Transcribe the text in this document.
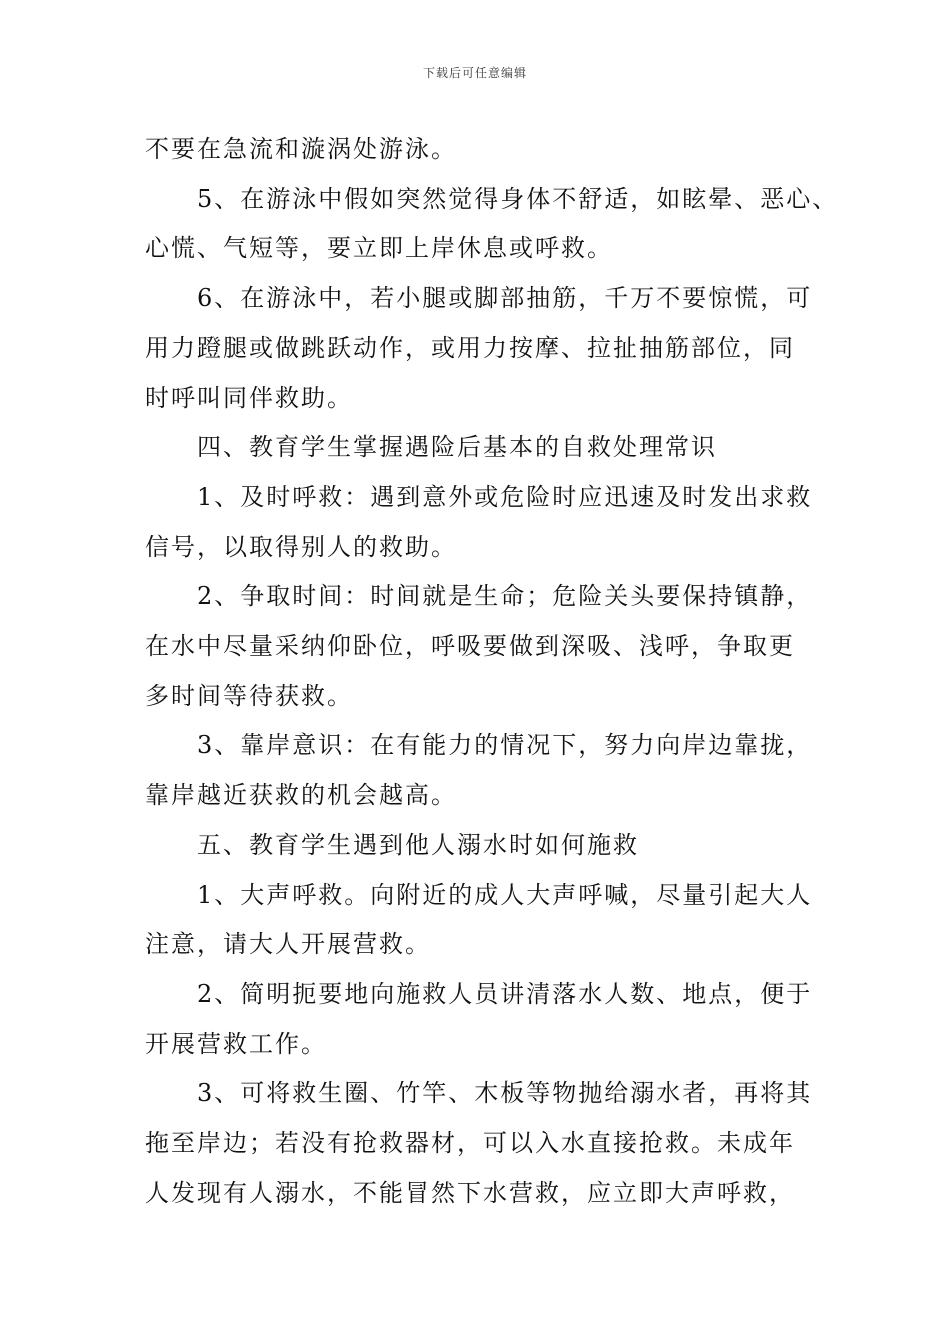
下载后可任意编辑

不要在急流和漩涡处游泳。

5、在游泳中假如突然觉得身体不舒适，如眩晕、恶心、

心慌、气短等，要立即上岸休息或呼救。

6、在游泳中，若小腿或脚部抽筋，千万不要惊慌，可

用力蹬腿或做跳跃动作，或用力按摩、拉扯抽筋部位，同

时呼叫同伴救助。

四、教育学生掌握遇险后基本的自救处理常识

1、及时呼救：遇到意外或危险时应迅速及时发出求救

信号，以取得别人的救助。

2、争取时间：时间就是生命；危险关头要保持镇静，

在水中尽量采纳仰卧位，呼吸要做到深吸、浅呼，争取更

多时间等待获救。

3、靠岸意识：在有能力的情况下，努力向岸边靠拢，

靠岸越近获救的机会越高。

五、教育学生遇到他人溺水时如何施救

1、大声呼救。向附近的成人大声呼喊，尽量引起大人

注意，请大人开展营救。

2、简明扼要地向施救人员讲清落水人数、地点，便于

开展营救工作。

3、可将救生圈、竹竿、木板等物抛给溺水者，再将其

拖至岸边；若没有抢救器材，可以入水直接抢救。未成年

人发现有人溺水，不能冒然下水营救，应立即大声呼救，
